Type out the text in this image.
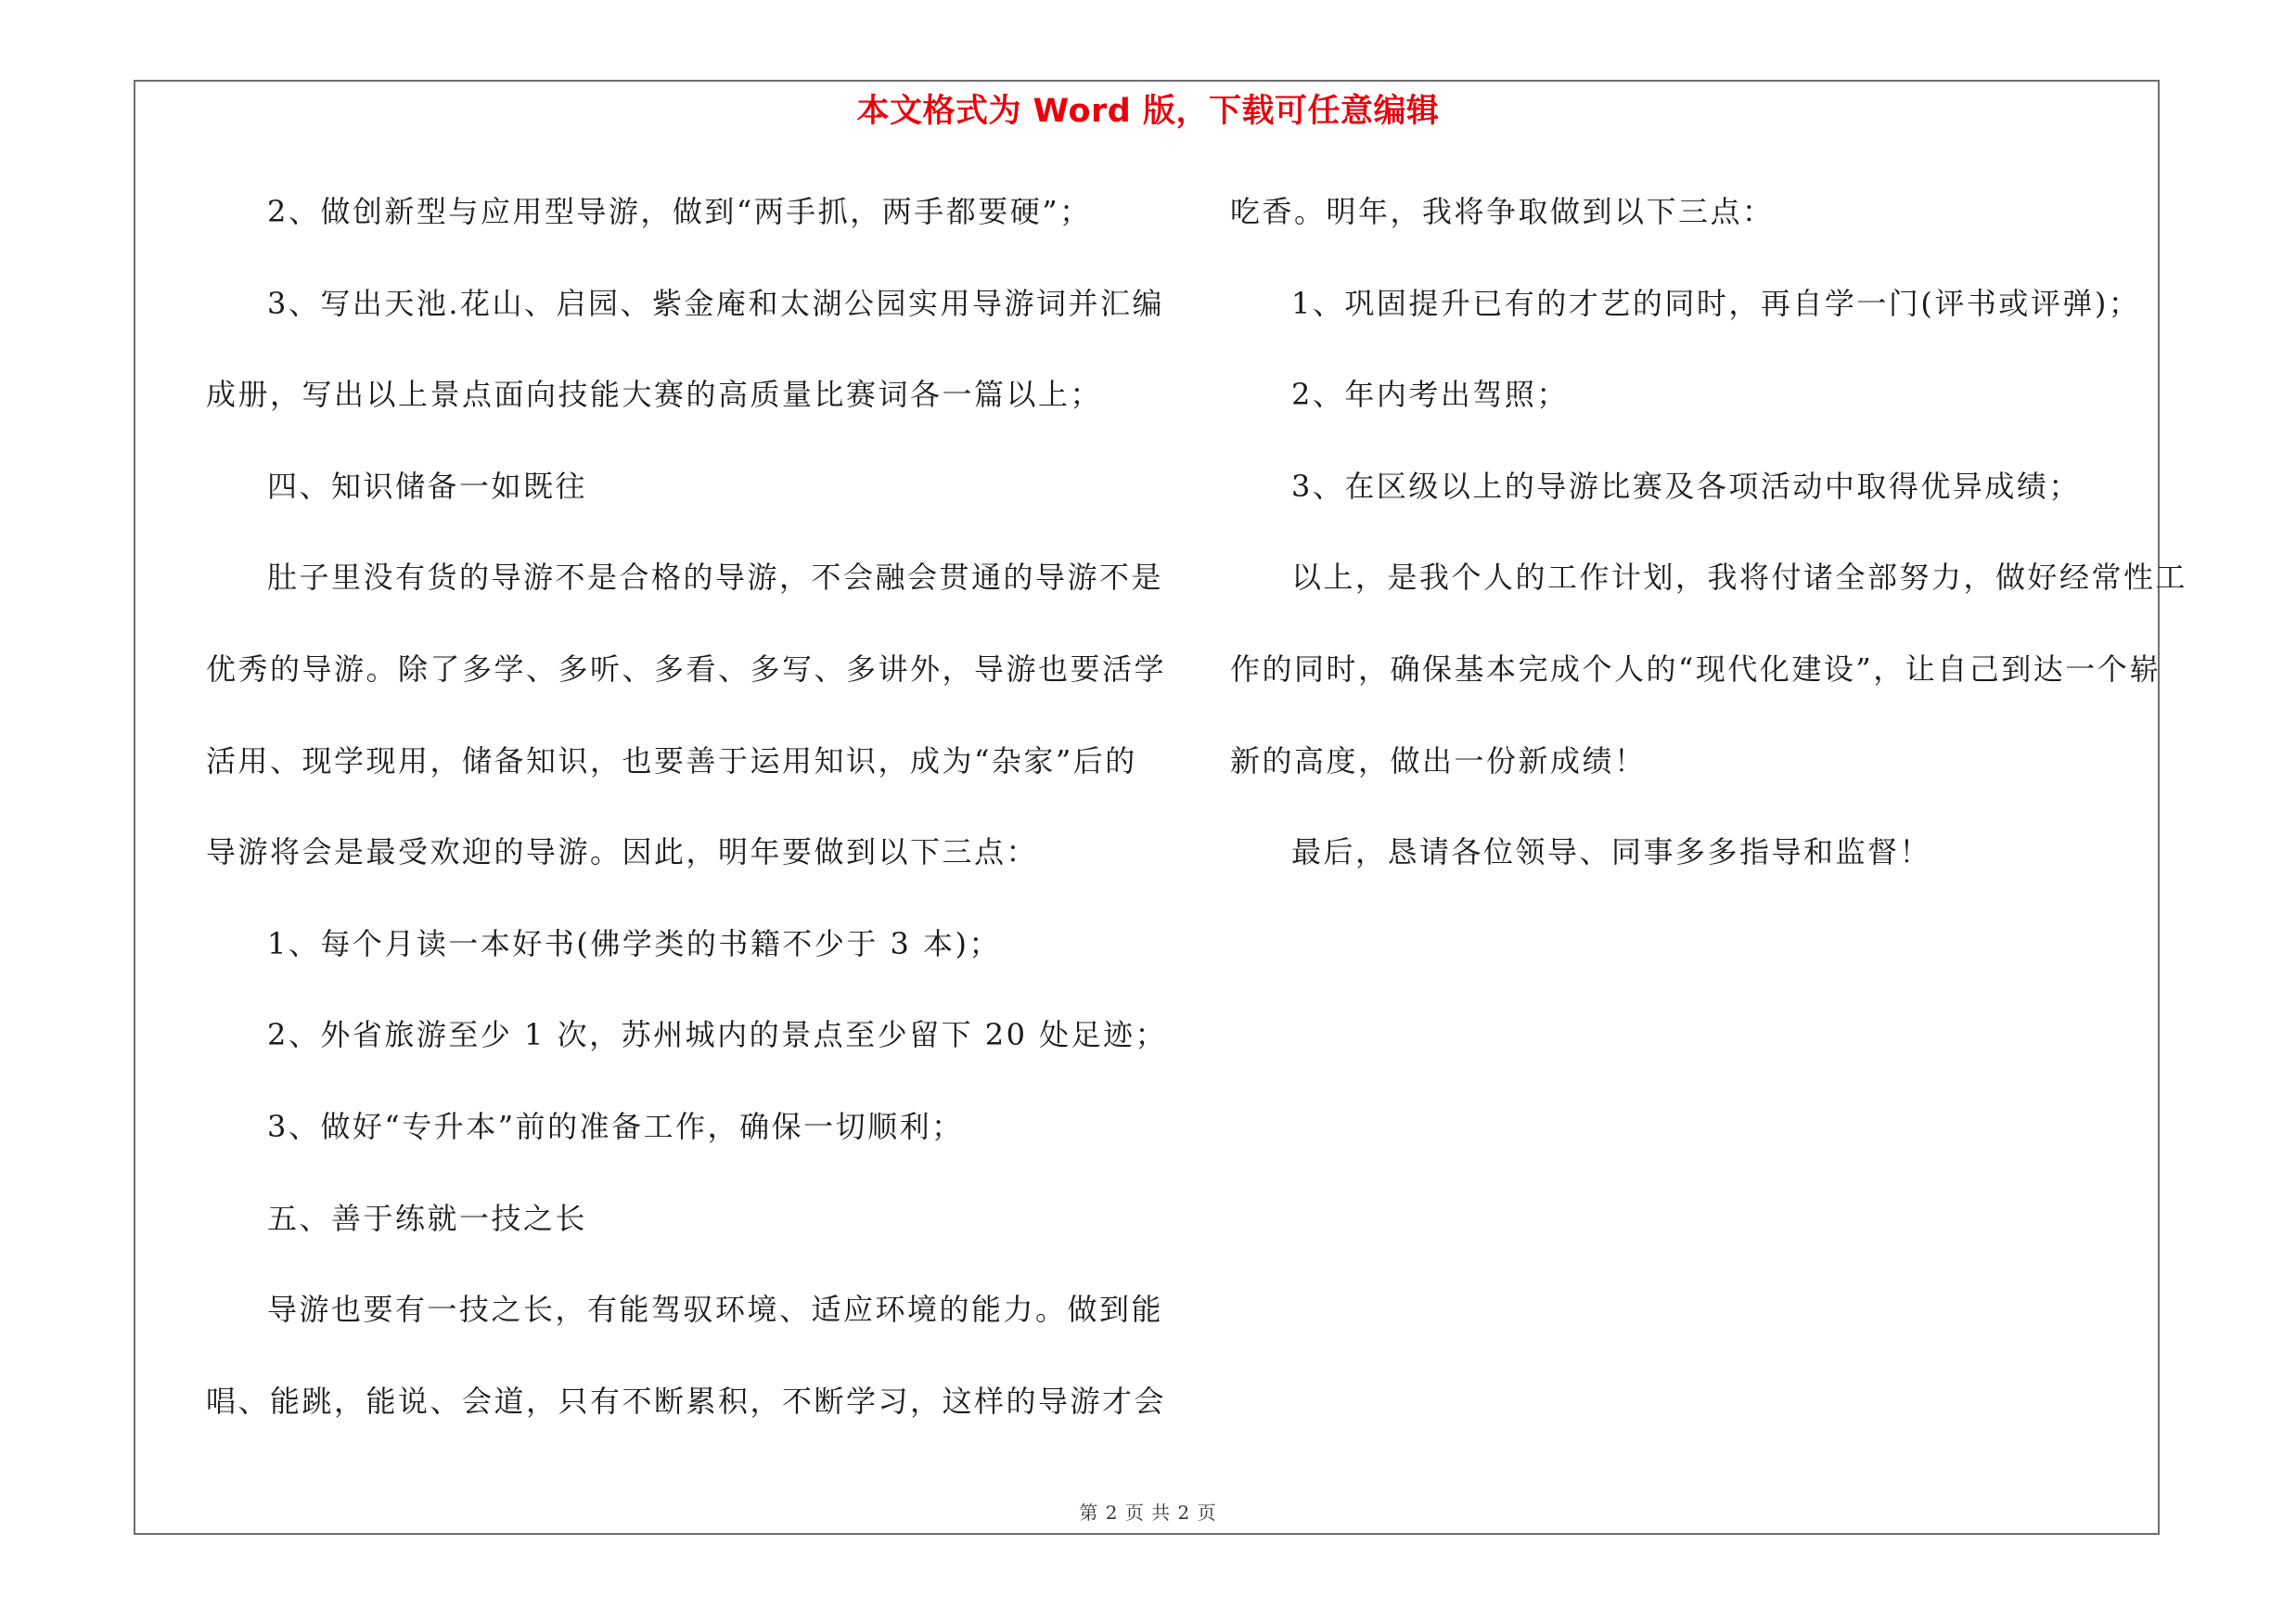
本文格式为 Word 版，下载可任意编辑
2、做创新型与应用型导游，做到“两手抓，两手都要硬”；
3、写出天池.花山、启园、紫金庵和太湖公园实用导游词并汇编
成册，写出以上景点面向技能大赛的高质量比赛词各一篇以上；
四、知识储备一如既往
肚子里没有货的导游不是合格的导游，不会融会贯通的导游不是
优秀的导游。除了多学、多听、多看、多写、多讲外，导游也要活学
活用、现学现用，储备知识，也要善于运用知识，成为“杂家”后的
导游将会是最受欢迎的导游。因此，明年要做到以下三点：
1、每个月读一本好书(佛学类的书籍不少于 3 本)；
2、外省旅游至少 1 次，苏州城内的景点至少留下 20 处足迹；
3、做好“专升本”前的准备工作，确保一切顺利；
五、善于练就一技之长
导游也要有一技之长，有能驾驭环境、适应环境的能力。做到能
唱、能跳，能说、会道，只有不断累积，不断学习，这样的导游才会
吃香。明年，我将争取做到以下三点：
1、巩固提升已有的才艺的同时，再自学一门(评书或评弹)；
2、年内考出驾照；
3、在区级以上的导游比赛及各项活动中取得优异成绩；
以上，是我个人的工作计划，我将付诸全部努力，做好经常性工
作的同时，确保基本完成个人的“现代化建设”，让自己到达一个崭
新的高度，做出一份新成绩！
最后，恳请各位领导、同事多多指导和监督！
第 2 页 共 2 页
